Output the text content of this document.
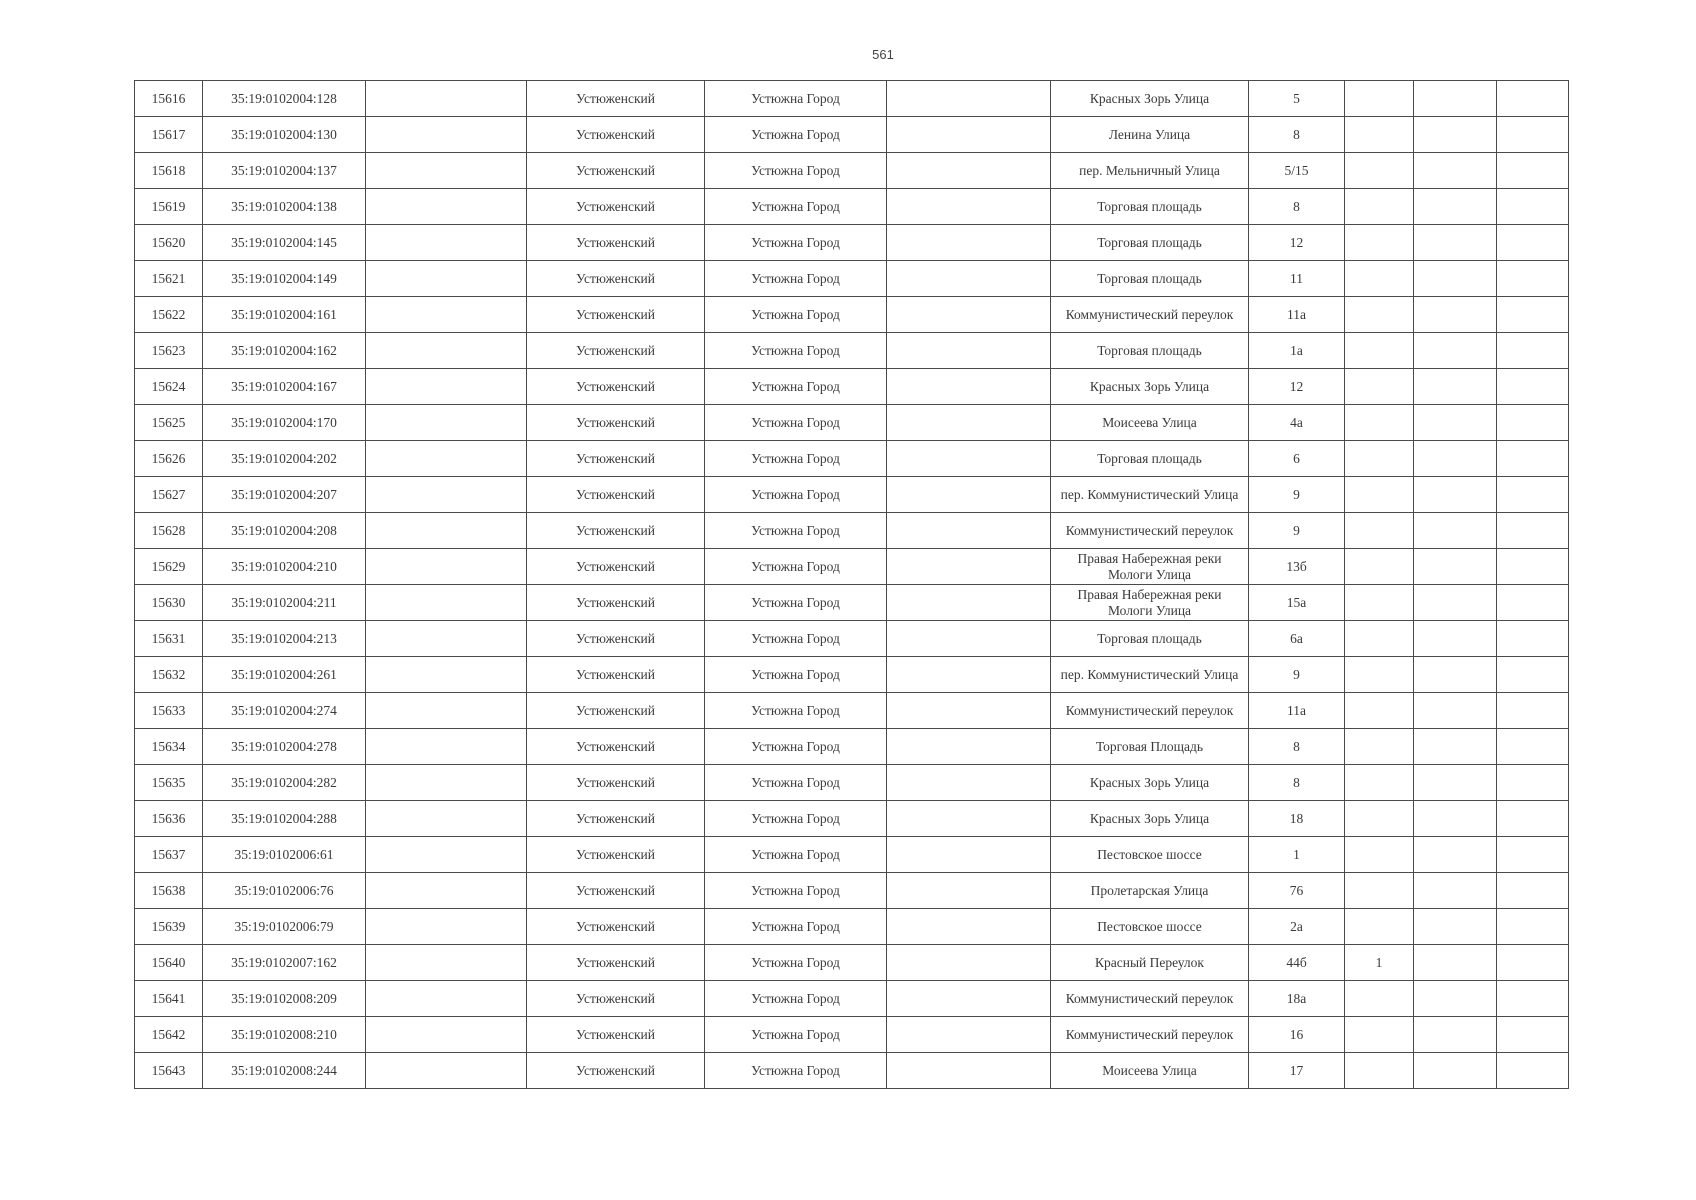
561
15616	35:19:0102004:128		Устюженский	Устюжна Город		Красных Зорь Улица	5			
15617	35:19:0102004:130		Устюженский	Устюжна Город		Ленина Улица	8			
15618	35:19:0102004:137		Устюженский	Устюжна Город		пер. Мельничный Улица	5/15			
15619	35:19:0102004:138		Устюженский	Устюжна Город		Торговая площадь	8			
15620	35:19:0102004:145		Устюженский	Устюжна Город		Торговая площадь	12			
15621	35:19:0102004:149		Устюженский	Устюжна Город		Торговая площадь	11			
15622	35:19:0102004:161		Устюженский	Устюжна Город		Коммунистический переулок	11а			
15623	35:19:0102004:162		Устюженский	Устюжна Город		Торговая площадь	1а			
15624	35:19:0102004:167		Устюженский	Устюжна Город		Красных Зорь Улица	12			
15625	35:19:0102004:170		Устюженский	Устюжна Город		Моисеева Улица	4а			
15626	35:19:0102004:202		Устюженский	Устюжна Город		Торговая площадь	6			
15627	35:19:0102004:207		Устюженский	Устюжна Город		пер. Коммунистический Улица	9			
15628	35:19:0102004:208		Устюженский	Устюжна Город		Коммунистический переулок	9			
15629	35:19:0102004:210		Устюженский	Устюжна Город		Правая Набережная реки Мологи Улица	13б			
15630	35:19:0102004:211		Устюженский	Устюжна Город		Правая Набережная реки Мологи Улица	15а			
15631	35:19:0102004:213		Устюженский	Устюжна Город		Торговая площадь	6а			
15632	35:19:0102004:261		Устюженский	Устюжна Город		пер. Коммунистический Улица	9			
15633	35:19:0102004:274		Устюженский	Устюжна Город		Коммунистический переулок	11а			
15634	35:19:0102004:278		Устюженский	Устюжна Город		Торговая Площадь	8			
15635	35:19:0102004:282		Устюженский	Устюжна Город		Красных Зорь Улица	8			
15636	35:19:0102004:288		Устюженский	Устюжна Город		Красных Зорь Улица	18			
15637	35:19:0102006:61		Устюженский	Устюжна Город		Пестовское шоссе	1			
15638	35:19:0102006:76		Устюженский	Устюжна Город		Пролетарская Улица	76			
15639	35:19:0102006:79		Устюженский	Устюжна Город		Пестовское шоссе	2а			
15640	35:19:0102007:162		Устюженский	Устюжна Город		Красный Переулок	44б	1		
15641	35:19:0102008:209		Устюженский	Устюжна Город		Коммунистический переулок	18а			
15642	35:19:0102008:210		Устюженский	Устюжна Город		Коммунистический переулок	16			
15643	35:19:0102008:244		Устюженский	Устюжна Город		Моисеева Улица	17			
